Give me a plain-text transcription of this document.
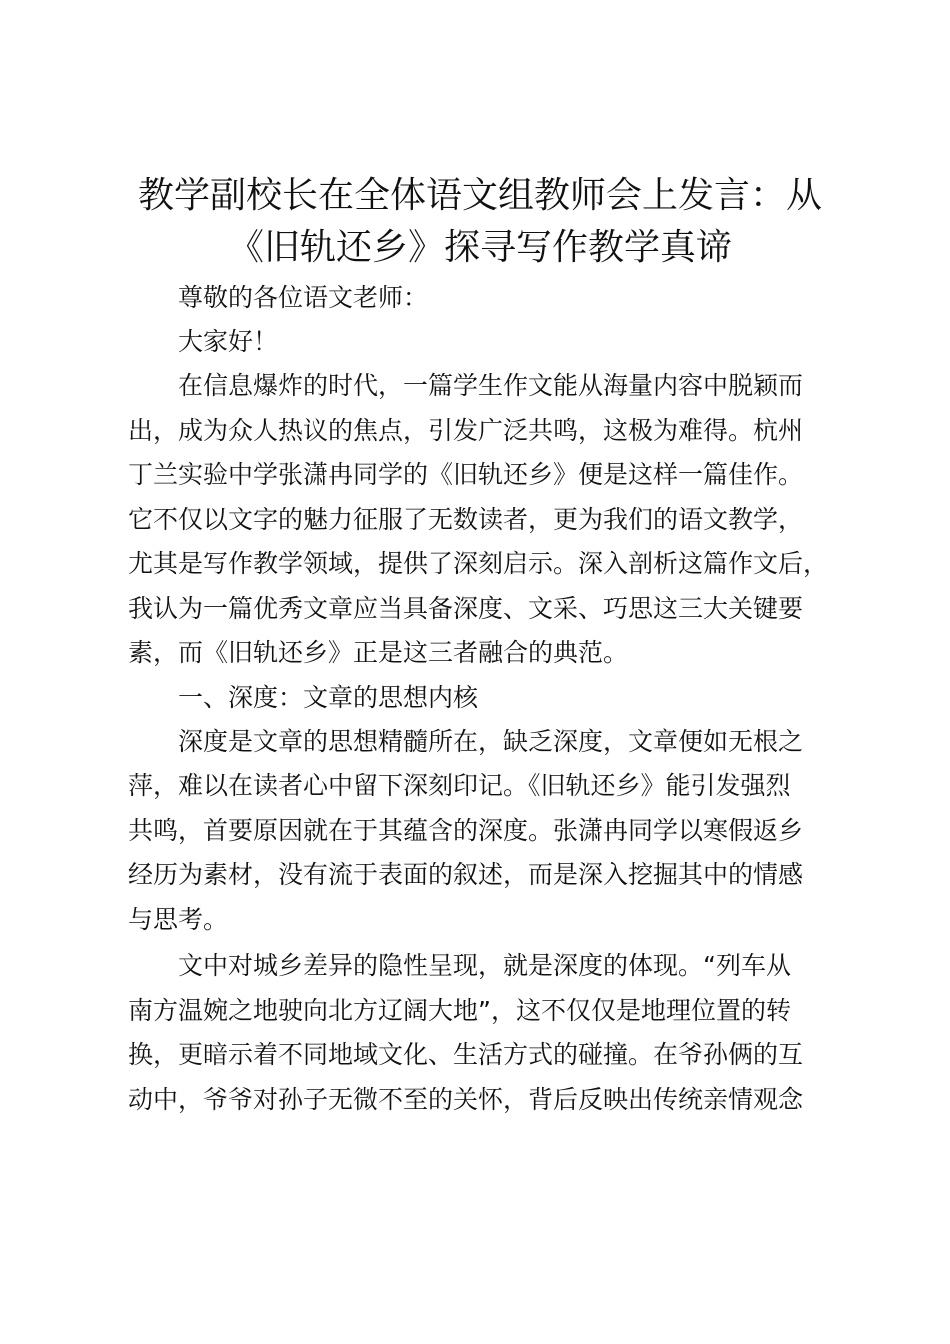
教学副校长在全体语文组教师会上发言：从
《旧轨还乡》探寻写作教学真谛

尊敬的各位语文老师：

大家好！

在信息爆炸的时代，一篇学生作文能从海量内容中脱颖而

出，成为众人热议的焦点，引发广泛共鸣，这极为难得。杭州

丁兰实验中学张潇冉同学的《旧轨还乡》便是这样一篇佳作。

它不仅以文字的魅力征服了无数读者，更为我们的语文教学，

尤其是写作教学领域，提供了深刻启示。深入剖析这篇作文后，

我认为一篇优秀文章应当具备深度、文采、巧思这三大关键要

素，而《旧轨还乡》正是这三者融合的典范。

一、深度：文章的思想内核

深度是文章的思想精髓所在，缺乏深度，文章便如无根之

萍，难以在读者心中留下深刻印记。《旧轨还乡》能引发强烈

共鸣，首要原因就在于其蕴含的深度。张潇冉同学以寒假返乡

经历为素材，没有流于表面的叙述，而是深入挖掘其中的情感

与思考。

文中对城乡差异的隐性呈现，就是深度的体现。“列车从

南方温婉之地驶向北方辽阔大地”，这不仅仅是地理位置的转

换，更暗示着不同地域文化、生活方式的碰撞。在爷孙俩的互

动中，爷爷对孙子无微不至的关怀，背后反映出传统亲情观念
